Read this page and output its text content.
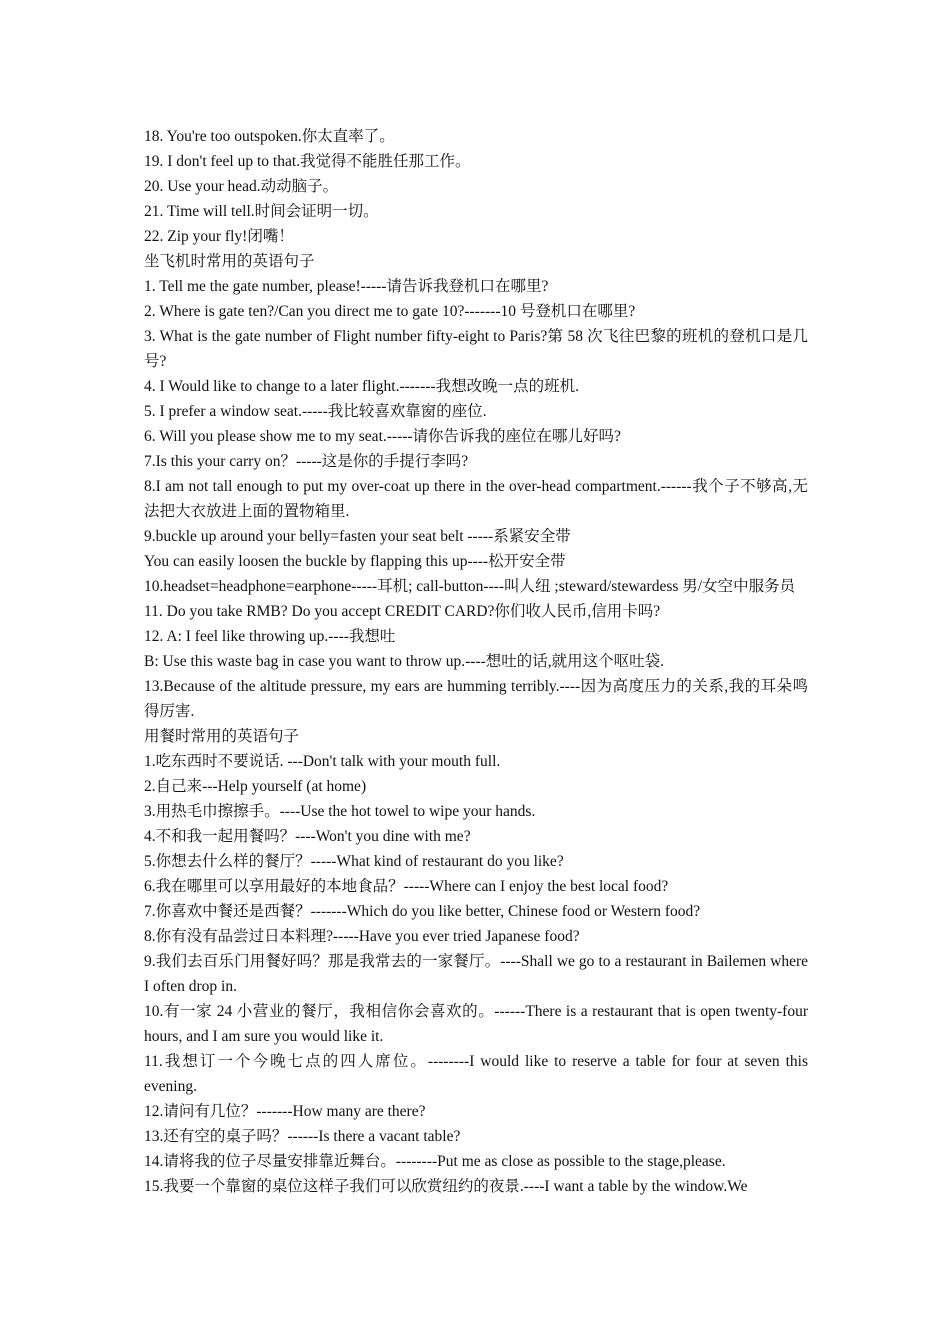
18. You're too outspoken.你太直率了。

19. I don't feel up to that.我觉得不能胜任那工作。

20. Use your head.动动脑子。

21. Time will tell.时间会证明一切。

22. Zip your fly!闭嘴！

坐飞机时常用的英语句子

1. Tell me the gate number, please!-----请告诉我登机口在哪里?

2. Where is gate ten?/Can you direct me to gate 10?-------10 号登机口在哪里?

3. What is the gate number of Flight number fifty-eight to Paris?第 58 次飞往巴黎的班机的登机口是几号?

4. I Would like to change to a later flight.-------我想改晚一点的班机.

5. I prefer a window seat.-----我比较喜欢靠窗的座位.

6. Will you please show me to my seat.-----请你告诉我的座位在哪儿好吗?

7.Is this your carry on？-----这是你的手提行李吗?

8.I am not tall enough to put my over-coat up there in the over-head compartment.------我个子不够高,无法把大衣放进上面的置物箱里.

9.buckle up around your belly=fasten your seat belt -----系紧安全带

You can easily loosen the buckle by flapping this up----松开安全带

10.headset=headphone=earphone-----耳机; call-button----叫人纽 ;steward/stewardess 男/女空中服务员

11. Do you take RMB? Do you accept CREDIT CARD?你们收人民币,信用卡吗?

12. A: I feel like throwing up.----我想吐

B: Use this waste bag in case you want to throw up.----想吐的话,就用这个呕吐袋.

13.Because of the altitude pressure, my ears are humming terribly.----因为高度压力的关系,我的耳朵鸣得厉害.

用餐时常用的英语句子

1.吃东西时不要说话. ---Don't talk with your mouth full.

2.自己来---Help yourself (at home)

3.用热毛巾擦擦手。----Use the hot towel to wipe your hands.

4.不和我一起用餐吗？----Won't you dine with me?

5.你想去什么样的餐厅？-----What kind of restaurant do you like?

6.我在哪里可以享用最好的本地食品？-----Where can I enjoy the best local food?

7.你喜欢中餐还是西餐？-------Which do you like better, Chinese food or Western food?

8.你有没有品尝过日本料理?-----Have you ever tried Japanese food?

9.我们去百乐门用餐好吗？那是我常去的一家餐厅。----Shall we go to a restaurant in Bailemen where I often drop in.

10.有一家 24 小营业的餐厅，我相信你会喜欢的。------There is a restaurant that is open twenty-four hours, and I am sure you would like it.

11.我想订一个今晚七点的四人席位。--------I would like to reserve a table for four at seven this evening.

12.请问有几位？-------How many are there?

13.还有空的桌子吗？------Is there a vacant table?

14.请将我的位子尽量安排靠近舞台。--------Put me as close as possible to the stage,please.

15.我要一个靠窗的桌位这样子我们可以欣赏纽约的夜景.----I want a table by the window.We
